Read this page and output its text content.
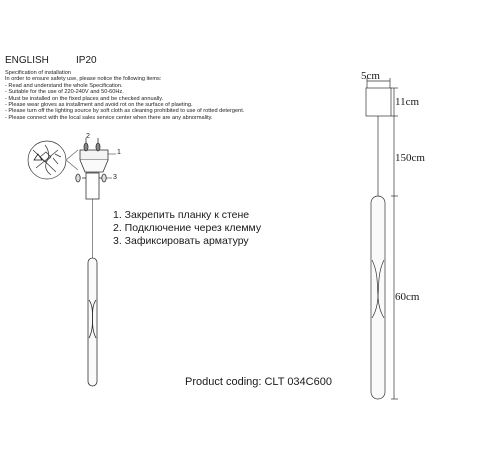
ENGLISH	IP20
Specification of installation
In order to ensure safety use, please notice the following items:
- Read and understand the whole Specification.
- Suitable for the use of 220-240V and 50-60Hz.
- Must be installed on the fixed places and be checked annually.
- Please wear gloves as installment and avoid rot on the surface of plaeting.
- Please turn off the lighting source by soft cloth as cleaning prohibited to use of rotted detergent.
- Please connect with the local sales service center when there are any abnormality.
2
1
3
1. Закрепить планку к стене
2. Подключение через клемму
3. Зафиксировать арматуру
5cm
11cm
150cm
60cm
Product coding: CLT 034C600
